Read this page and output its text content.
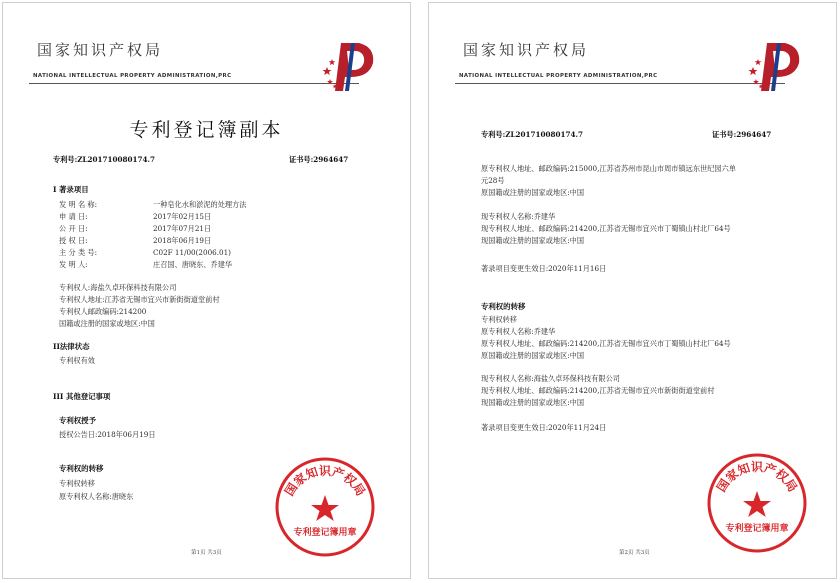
国家知识产权局
NATIONAL INTELLECTUAL PROPERTY ADMINISTRATION,PRC
专利登记簿副本
专利号:ZL201710080174.7	证书号:2964647
I 著录项目
发 明 名 称:	一种皂化水和淤泥的处理方法
申 请 日:	2017年02月15日
公 开 日:	2017年07月21日
授 权 日:	2018年06月19日
主 分 类 号:	C02F 11/00(2006.01)
发 明 人:	庄召国、唐晓东、乔建华
专利权人:海盐久卓环保科技有限公司
专利权人地址:江苏省无锡市宜兴市新街街道堂前村
专利权人邮政编码:214200
国籍或注册的国家或地区:中国
II法律状态
专利权有效
III 其他登记事项
专利权授予
授权公告日:2018年06月19日
专利权的转移
专利权转移
原专利权人名称:唐晓东	国家知识产权局
专利登记簿用章
第1页 共3页
国家知识产权局
NATIONAL INTELLECTUAL PROPERTY ADMINISTRATION,PRC
专利号:ZL201710080174.7	证书号:2964647
原专利权人地址、邮政编码:215000,江苏省苏州市昆山市周市镇远东世纪园六单
元28号
原国籍或注册的国家或地区:中国
现专利权人名称:乔建华
现专利权人地址、邮政编码:214200,江苏省无锡市宜兴市丁蜀镇山村北厂64号
现国籍或注册的国家或地区:中国
著录项目变更生效日:2020年11月16日
专利权的转移
专利权转移
原专利权人名称:乔建华
原专利权人地址、邮政编码:214200,江苏省无锡市宜兴市丁蜀镇山村北厂64号
原国籍或注册的国家或地区:中国
现专利权人名称:海盐久卓环保科技有限公司
现专利权人地址、邮政编码:214200,江苏省无锡市宜兴市新街街道堂前村
现国籍或注册的国家或地区:中国
著录项目变更生效日:2020年11月24日
国家知识产权局
专利登记簿用章
第2页 共3页
